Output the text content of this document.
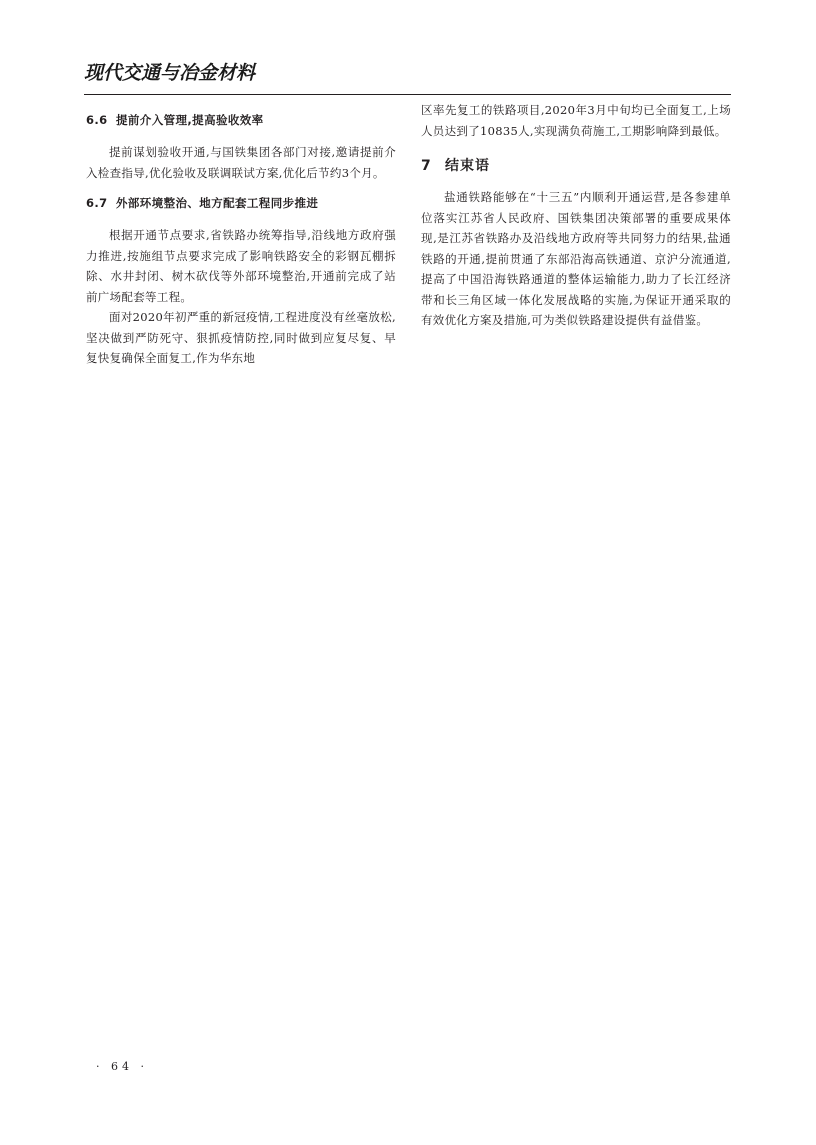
现代交通与冶金材料
6.6 提前介入管理,提高验收效率

提前谋划验收开通,与国铁集团各部门对接,邀请提前介入检查指导,优化验收及联调联试方案,优化后节约3个月。

6.7 外部环境整治、地方配套工程同步推进

根据开通节点要求,省铁路办统筹指导,沿线地方政府强力推进,按施组节点要求完成了影响铁路安全的彩钢瓦棚拆除、水井封闭、树木砍伐等外部环境整治,开通前完成了站前广场配套等工程。

面对2020年初严重的新冠疫情,工程进度没有丝毫放松,坚决做到严防死守、狠抓疫情防控,同时做到应复尽复、早复快复确保全面复工,作为华东地

区率先复工的铁路项目,2020年3月中旬均已全面复工,上场人员达到了10835人,实现满负荷施工,工期影响降到最低。

7 结束语

盐通铁路能够在“十三五”内顺利开通运营,是各参建单位落实江苏省人民政府、国铁集团决策部署的重要成果体现,是江苏省铁路办及沿线地方政府等共同努力的结果,盐通铁路的开通,提前贯通了东部沿海高铁通道、京沪分流通道,提高了中国沿海铁路通道的整体运输能力,助力了长江经济带和长三角区域一体化发展战略的实施,为保证开通采取的有效优化方案及措施,可为类似铁路建设提供有益借鉴。

· 64 ·
